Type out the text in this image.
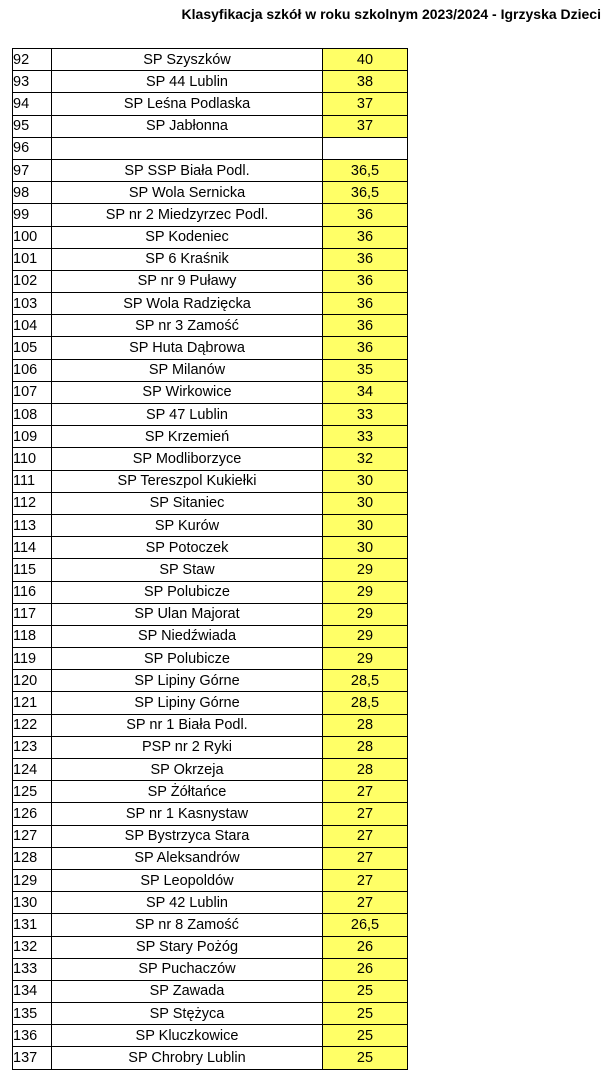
Klasyfikacja szkół w roku szkolnym 2023/2024 - Igrzyska Dzieci
92	SP Szyszków	40
93	SP 44 Lublin	38
94	SP Leśna Podlaska	37
95	SP Jabłonna	37
96		
97	SP SSP Biała Podl.	36,5
98	SP Wola Sernicka	36,5
99	SP nr 2 Miedzyrzec Podl.	36
100	SP Kodeniec	36
101	SP 6 Kraśnik	36
102	SP nr 9 Puławy	36
103	SP Wola Radzięcka	36
104	SP nr 3 Zamość	36
105	SP Huta Dąbrowa	36
106	SP Milanów	35
107	SP Wirkowice	34
108	SP 47 Lublin	33
109	SP Krzemień	33
110	SP Modliborzyce	32
111	SP Tereszpol Kukiełki	30
112	SP Sitaniec	30
113	SP Kurów	30
114	SP Potoczek	30
115	SP Staw	29
116	SP Polubicze	29
117	SP Ulan Majorat	29
118	SP Niedźwiada	29
119	SP Polubicze	29
120	SP Lipiny Górne	28,5
121	SP Lipiny Górne	28,5
122	SP nr 1 Biała Podl.	28
123	PSP nr 2 Ryki	28
124	SP Okrzeja	28
125	SP Żółtańce	27
126	SP nr 1 Kasnystaw	27
127	SP Bystrzyca Stara	27
128	SP Aleksandrów	27
129	SP Leopoldów	27
130	SP 42 Lublin	27
131	SP nr 8 Zamość	26,5
132	SP Stary Pożóg	26
133	SP Puchaczów	26
134	SP Zawada	25
135	SP Stężyca	25
136	SP Kluczkowice	25
137	SP Chrobry Lublin	25
